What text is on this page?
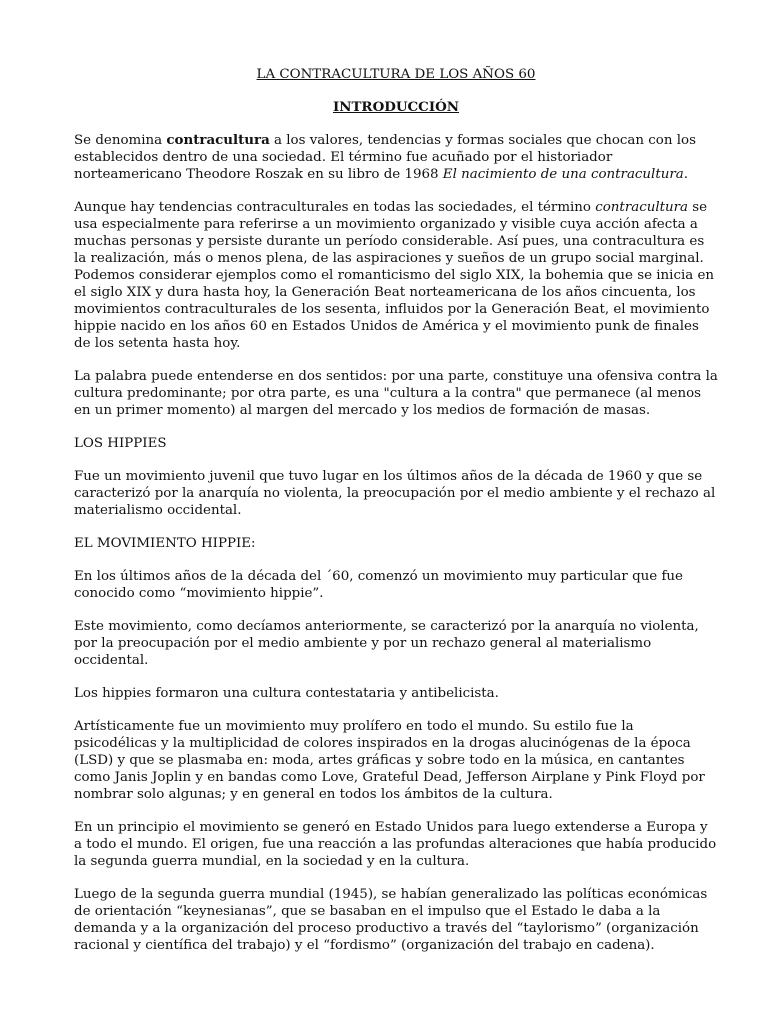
LA CONTRACULTURA DE LOS AÑOS 60
INTRODUCCIÓN

Se denomina contracultura a los valores, tendencias y formas sociales que chocan con los establecidos dentro de una sociedad. El término fue acuñado por el historiador norteamericano Theodore Roszak en su libro de 1968 El nacimiento de una contracultura.

Aunque hay tendencias contraculturales en todas las sociedades, el término contracultura se usa especialmente para referirse a un movimiento organizado y visible cuya acción afecta a muchas personas y persiste durante un período considerable. Así pues, una contracultura es la realización, más o menos plena, de las aspiraciones y sueños de un grupo social marginal. Podemos considerar ejemplos como el romanticismo del siglo XIX, la bohemia que se inicia en el siglo XIX y dura hasta hoy, la Generación Beat norteamericana de los años cincuenta, los movimientos contraculturales de los sesenta, influidos por la Generación Beat, el movimiento hippie nacido en los años 60 en Estados Unidos de América y el movimiento punk de finales de los setenta hasta hoy.

La palabra puede entenderse en dos sentidos: por una parte, constituye una ofensiva contra la cultura predominante; por otra parte, es una "cultura a la contra" que permanece (al menos en un primer momento) al margen del mercado y los medios de formación de masas.

LOS HIPPIES

Fue un movimiento juvenil que tuvo lugar en los últimos años de la década de 1960 y que se caracterizó por la anarquía no violenta, la preocupación por el medio ambiente y el rechazo al materialismo occidental.

EL MOVIMIENTO HIPPIE:

En los últimos años de la década del ´60, comenzó un movimiento muy particular que fue conocido como “movimiento hippie”.

Este movimiento, como decíamos anteriormente, se caracterizó por la anarquía no violenta, por la preocupación por el medio ambiente y por un rechazo general al materialismo occidental.

Los hippies formaron una cultura contestataria y antibelicista.

Artísticamente fue un movimiento muy prolífero en todo el mundo. Su estilo fue la psicodélicas y la multiplicidad de colores inspirados en la drogas alucinógenas de la época (LSD) y que se plasmaba en: moda, artes gráficas y sobre todo en la música, en cantantes como Janis Joplin y en bandas como Love, Grateful Dead, Jefferson Airplane y Pink Floyd por nombrar solo algunas; y en general en todos los ámbitos de la cultura.

En un principio el movimiento se generó en Estado Unidos para luego extenderse a Europa y a todo el mundo. El origen, fue una reacción a las profundas alteraciones que había producido la segunda guerra mundial, en la sociedad y en la cultura.

Luego de la segunda guerra mundial (1945), se habían generalizado las políticas económicas de orientación “keynesianas”, que se basaban en el impulso que el Estado le daba a la demanda y a la organización del proceso productivo a través del “taylorismo” (organización racional y científica del trabajo) y el “fordismo” (organización del trabajo en cadena).
